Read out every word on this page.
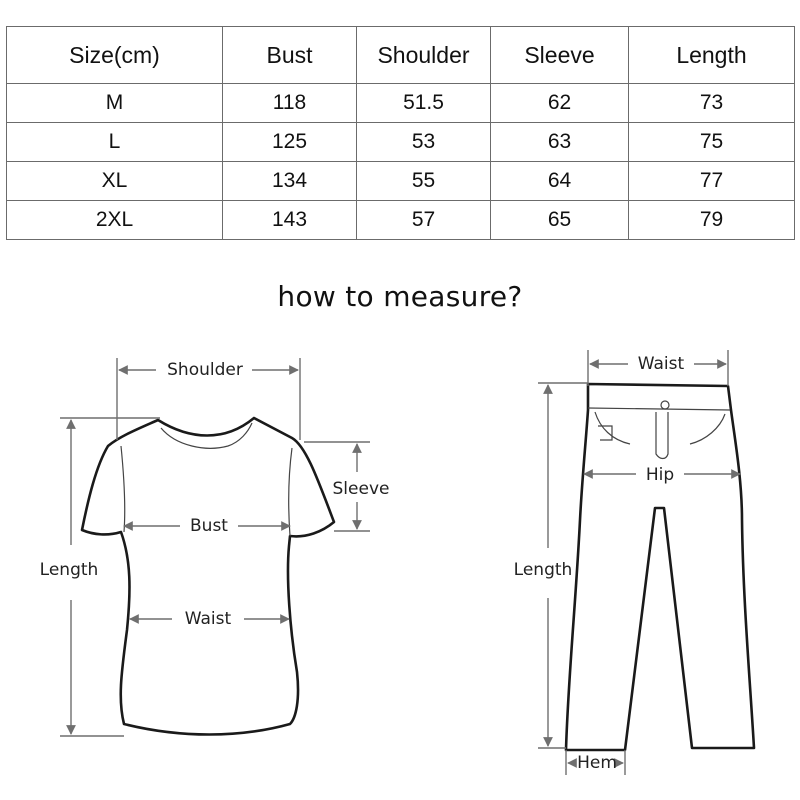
Size(cm)	Bust	Shoulder	Sleeve	Length
M	118	51.5	62	73
L	125	53	63	75
XL	134	55	64	77
2XL	143	57	65	79
how to measure?
Shoulder
Sleeve
Bust
Waist
Length
Waist
Hip
Length
Hem
